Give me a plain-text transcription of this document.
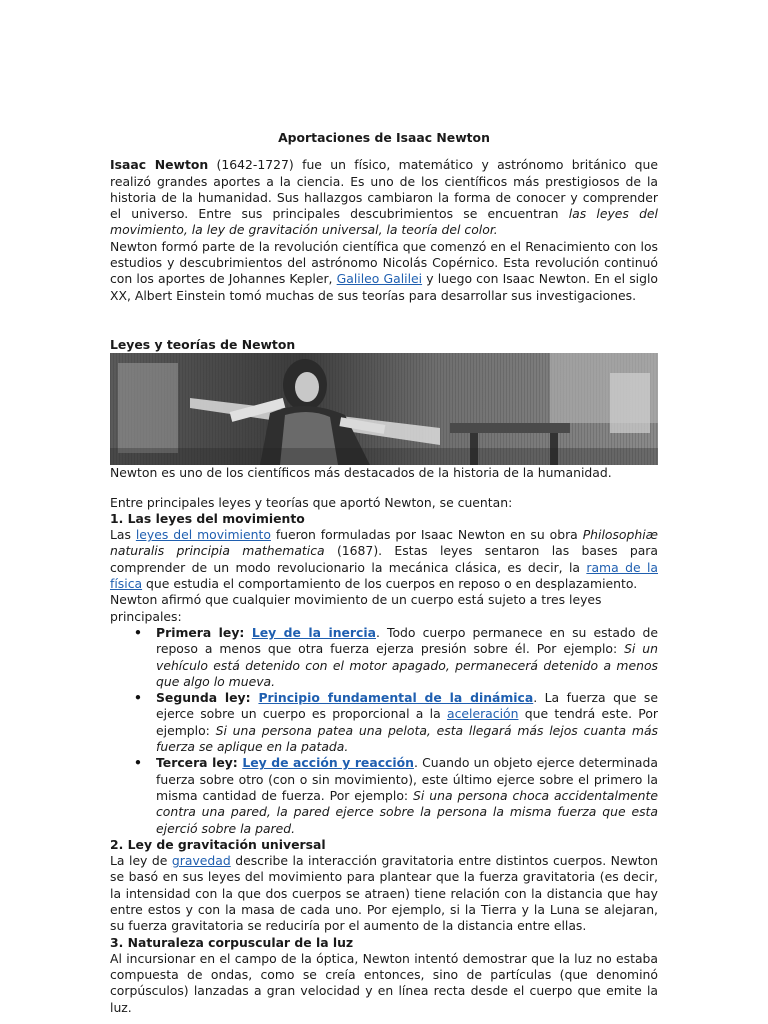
Aportaciones de Isaac Newton

Isaac Newton (1642-1727) fue un físico, matemático y astrónomo británico que realizó grandes aportes a la ciencia. Es uno de los científicos más prestigiosos de la historia de la humanidad. Sus hallazgos cambiaron la forma de conocer y comprender el universo. Entre sus principales descubrimientos se encuentran las leyes del movimiento, la ley de gravitación universal, la teoría del color.

Newton formó parte de la revolución científica que comenzó en el Renacimiento con los estudios y descubrimientos del astrónomo Nicolás Copérnico. Esta revolución continuó con los aportes de Johannes Kepler, Galileo Galilei y luego con Isaac Newton. En el siglo XX, Albert Einstein tomó muchas de sus teorías para desarrollar sus investigaciones.

Leyes y teorías de Newton

Newton es uno de los científicos más destacados de la historia de la humanidad.

Entre principales leyes y teorías que aportó Newton, se cuentan:

1. Las leyes del movimiento

Las leyes del movimiento fueron formuladas por Isaac Newton en su obra Philosophiæ naturalis principia mathematica (1687). Estas leyes sentaron las bases para comprender de un modo revolucionario la mecánica clásica, es decir, la rama de la física que estudia el comportamiento de los cuerpos en reposo o en desplazamiento.

Newton afirmó que cualquier movimiento de un cuerpo está sujeto a tres leyes principales:

• Primera ley: Ley de la inercia. Todo cuerpo permanece en su estado de reposo a menos que otra fuerza ejerza presión sobre él. Por ejemplo: Si un vehículo está detenido con el motor apagado, permanecerá detenido a menos que algo lo mueva.
• Segunda ley: Principio fundamental de la dinámica. La fuerza que se ejerce sobre un cuerpo es proporcional a la aceleración que tendrá este. Por ejemplo: Si una persona patea una pelota, esta llegará más lejos cuanta más fuerza se aplique en la patada.
• Tercera ley: Ley de acción y reacción. Cuando un objeto ejerce determinada fuerza sobre otro (con o sin movimiento), este último ejerce sobre el primero la misma cantidad de fuerza. Por ejemplo: Si una persona choca accidentalmente contra una pared, la pared ejerce sobre la persona la misma fuerza que esta ejerció sobre la pared.

2. Ley de gravitación universal

La ley de gravedad describe la interacción gravitatoria entre distintos cuerpos. Newton se basó en sus leyes del movimiento para plantear que la fuerza gravitatoria (es decir, la intensidad con la que dos cuerpos se atraen) tiene relación con la distancia que hay entre estos y con la masa de cada uno. Por ejemplo, si la Tierra y la Luna se alejaran, su fuerza gravitatoria se reduciría por el aumento de la distancia entre ellas.

3. Naturaleza corpuscular de la luz

Al incursionar en el campo de la óptica, Newton intentó demostrar que la luz no estaba compuesta de ondas, como se creía entonces, sino de partículas (que denominó corpúsculos) lanzadas a gran velocidad y en línea recta desde el cuerpo que emite la luz.
